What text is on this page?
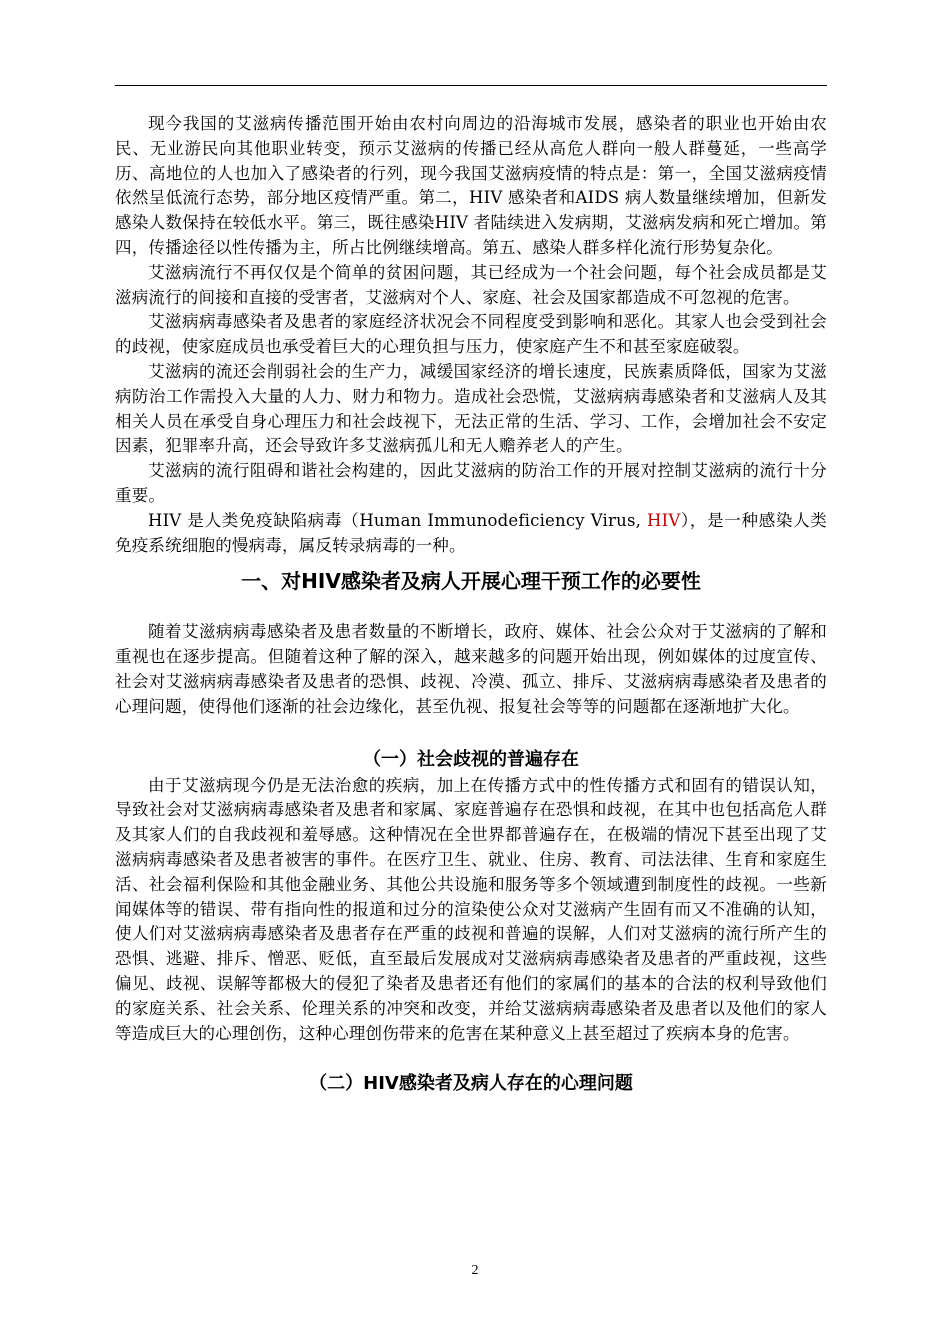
现今我国的艾滋病传播范围开始由农村向周边的沿海城市发展，感染者的职业也开始由农民、无业游民向其他职业转变，预示艾滋病的传播已经从高危人群向一般人群蔓延，一些高学历、高地位的人也加入了感染者的行列，现今我国艾滋病疫情的特点是：第一，全国艾滋病疫情依然呈低流行态势，部分地区疫情严重。第二，HIV 感染者和AIDS 病人数量继续增加，但新发感染人数保持在较低水平。第三，既往感染HIV 者陆续进入发病期，艾滋病发病和死亡增加。第四，传播途径以性传播为主，所占比例继续增高。第五、感染人群多样化流行形势复杂化。

艾滋病流行不再仅仅是个简单的贫困问题，其已经成为一个社会问题，每个社会成员都是艾滋病流行的间接和直接的受害者，艾滋病对个人、家庭、社会及国家都造成不可忽视的危害。

艾滋病病毒感染者及患者的家庭经济状况会不同程度受到影响和恶化。其家人也会受到社会的歧视，使家庭成员也承受着巨大的心理负担与压力，使家庭产生不和甚至家庭破裂。

艾滋病的流还会削弱社会的生产力，减缓国家经济的增长速度，民族素质降低，国家为艾滋病防治工作需投入大量的人力、财力和物力。造成社会恐慌，艾滋病病毒感染者和艾滋病人及其相关人员在承受自身心理压力和社会歧视下，无法正常的生活、学习、工作，会增加社会不安定因素，犯罪率升高，还会导致许多艾滋病孤儿和无人赡养老人的产生。

艾滋病的流行阻碍和谐社会构建的，因此艾滋病的防治工作的开展对控制艾滋病的流行十分重要。

HIV 是人类免疫缺陷病毒（Human Immunodeficiency Virus, HIV），是一种感染人类免疫系统细胞的慢病毒，属反转录病毒的一种。

一、对HIV感染者及病人开展心理干预工作的必要性

随着艾滋病病毒感染者及患者数量的不断增长，政府、媒体、社会公众对于艾滋病的了解和重视也在逐步提高。但随着这种了解的深入，越来越多的问题开始出现，例如媒体的过度宣传、社会对艾滋病病毒感染者及患者的恐惧、歧视、冷漠、孤立、排斥、艾滋病病毒感染者及患者的心理问题，使得他们逐渐的社会边缘化，甚至仇视、报复社会等等的问题都在逐渐地扩大化。

（一）社会歧视的普遍存在

由于艾滋病现今仍是无法治愈的疾病，加上在传播方式中的性传播方式和固有的错误认知，导致社会对艾滋病病毒感染者及患者和家属、家庭普遍存在恐惧和歧视，在其中也包括高危人群及其家人们的自我歧视和羞辱感。这种情况在全世界都普遍存在，在极端的情况下甚至出现了艾滋病病毒感染者及患者被害的事件。在医疗卫生、就业、住房、教育、司法法律、生育和家庭生活、社会福利保险和其他金融业务、其他公共设施和服务等多个领域遭到制度性的歧视。一些新闻媒体等的错误、带有指向性的报道和过分的渲染使公众对艾滋病产生固有而又不准确的认知，使人们对艾滋病病毒感染者及患者存在严重的歧视和普遍的误解，人们对艾滋病的流行所产生的恐惧、逃避、排斥、憎恶、贬低，直至最后发展成对艾滋病病毒感染者及患者的严重歧视，这些偏见、歧视、误解等都极大的侵犯了染者及患者还有他们的家属们的基本的合法的权利导致他们的家庭关系、社会关系、伦理关系的冲突和改变，并给艾滋病病毒感染者及患者以及他们的家人等造成巨大的心理创伤，这种心理创伤带来的危害在某种意义上甚至超过了疾病本身的危害。

（二）HIV感染者及病人存在的心理问题
2
